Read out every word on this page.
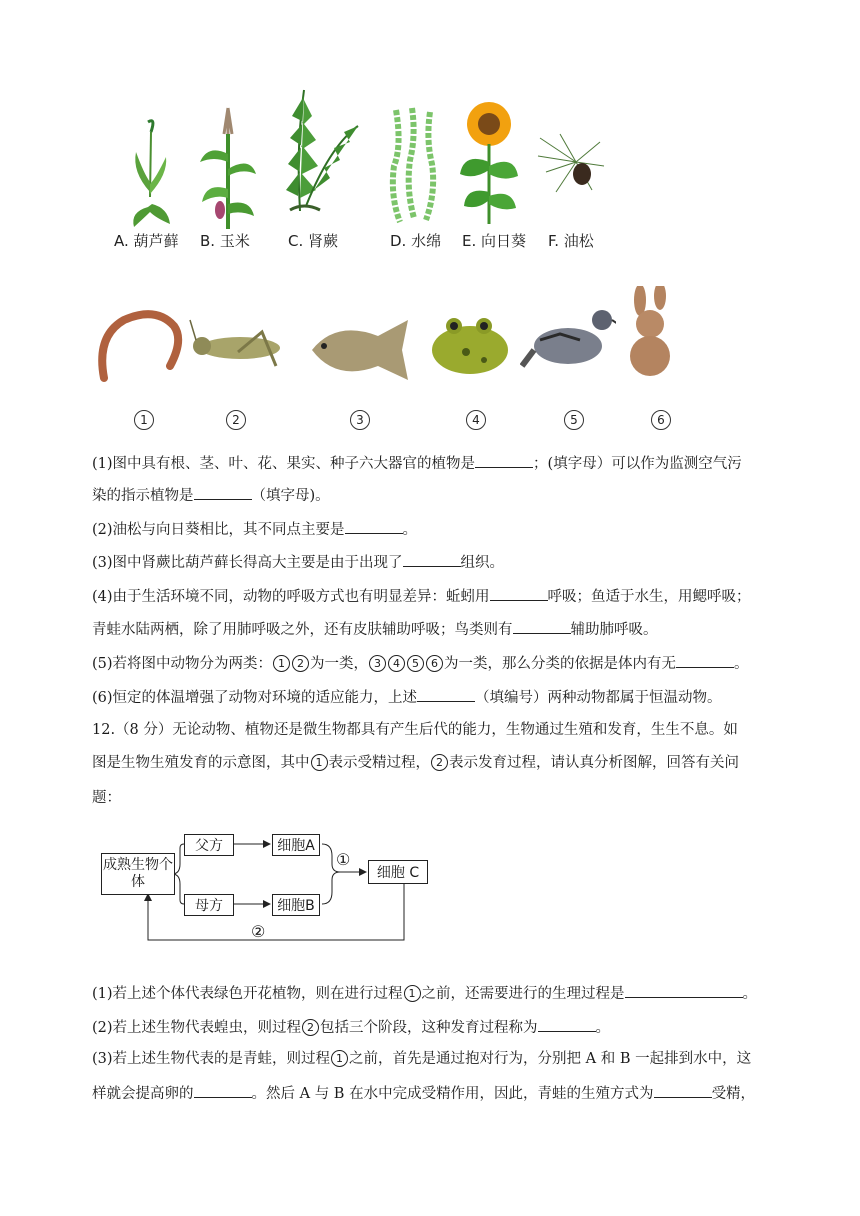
A. 葫芦藓 B. 玉米	C. 肾蕨	D. 水绵 E. 向日葵 F. 油松
1	2	3	4	5	6
(1)图中具有根、茎、叶、花、果实、种子六大器官的植物是	；(填字母）可以作为监测空气污
染的指示植物是	（填字母)。
(2)油松与向日葵相比，其不同点主要是	。
(3)图中肾蕨比葫芦藓长得高大主要是由于出现了	组织。
(4)由于生活环境不同，动物的呼吸方式也有明显差异：蚯蚓用	呼吸；鱼适于水生，用鳃呼吸；
青蛙水陆两栖，除了用肺呼吸之外，还有皮肤辅助呼吸；鸟类则有	辅助肺呼吸。
(5)若将图中动物分为两类： 1 2 为一类， 3 4 5 6 为一类，那么分类的依据是体内有无	。
(6)恒定的体温增强了动物对环境的适应能力，上述	（填编号）两种动物都属于恒温动物。
12.（8 分）无论动物、植物还是微生物都具有产生后代的能力，生物通过生殖和发育，生生不息。如
图是生物生殖发育的示意图，其中 1 表示受精过程， 2 表示发育过程，请认真分析图解，回答有关问
题：
成熟生物个体
父方
母方
细胞A
细胞B
细胞 C
①
②
(1)若上述个体代表绿色开花植物，则在进行过程 1 之前，还需要进行的生理过程是	。
(2)若上述生物代表蝗虫，则过程 2 包括三个阶段，这种发育过程称为	。
(3)若上述生物代表的是青蛙，则过程 1 之前，首先是通过抱对行为，分别把 A 和 B 一起排到水中，这
样就会提高卵的	。然后 A 与 B 在水中完成受精作用，因此，青蛙的生殖方式为	受精，
